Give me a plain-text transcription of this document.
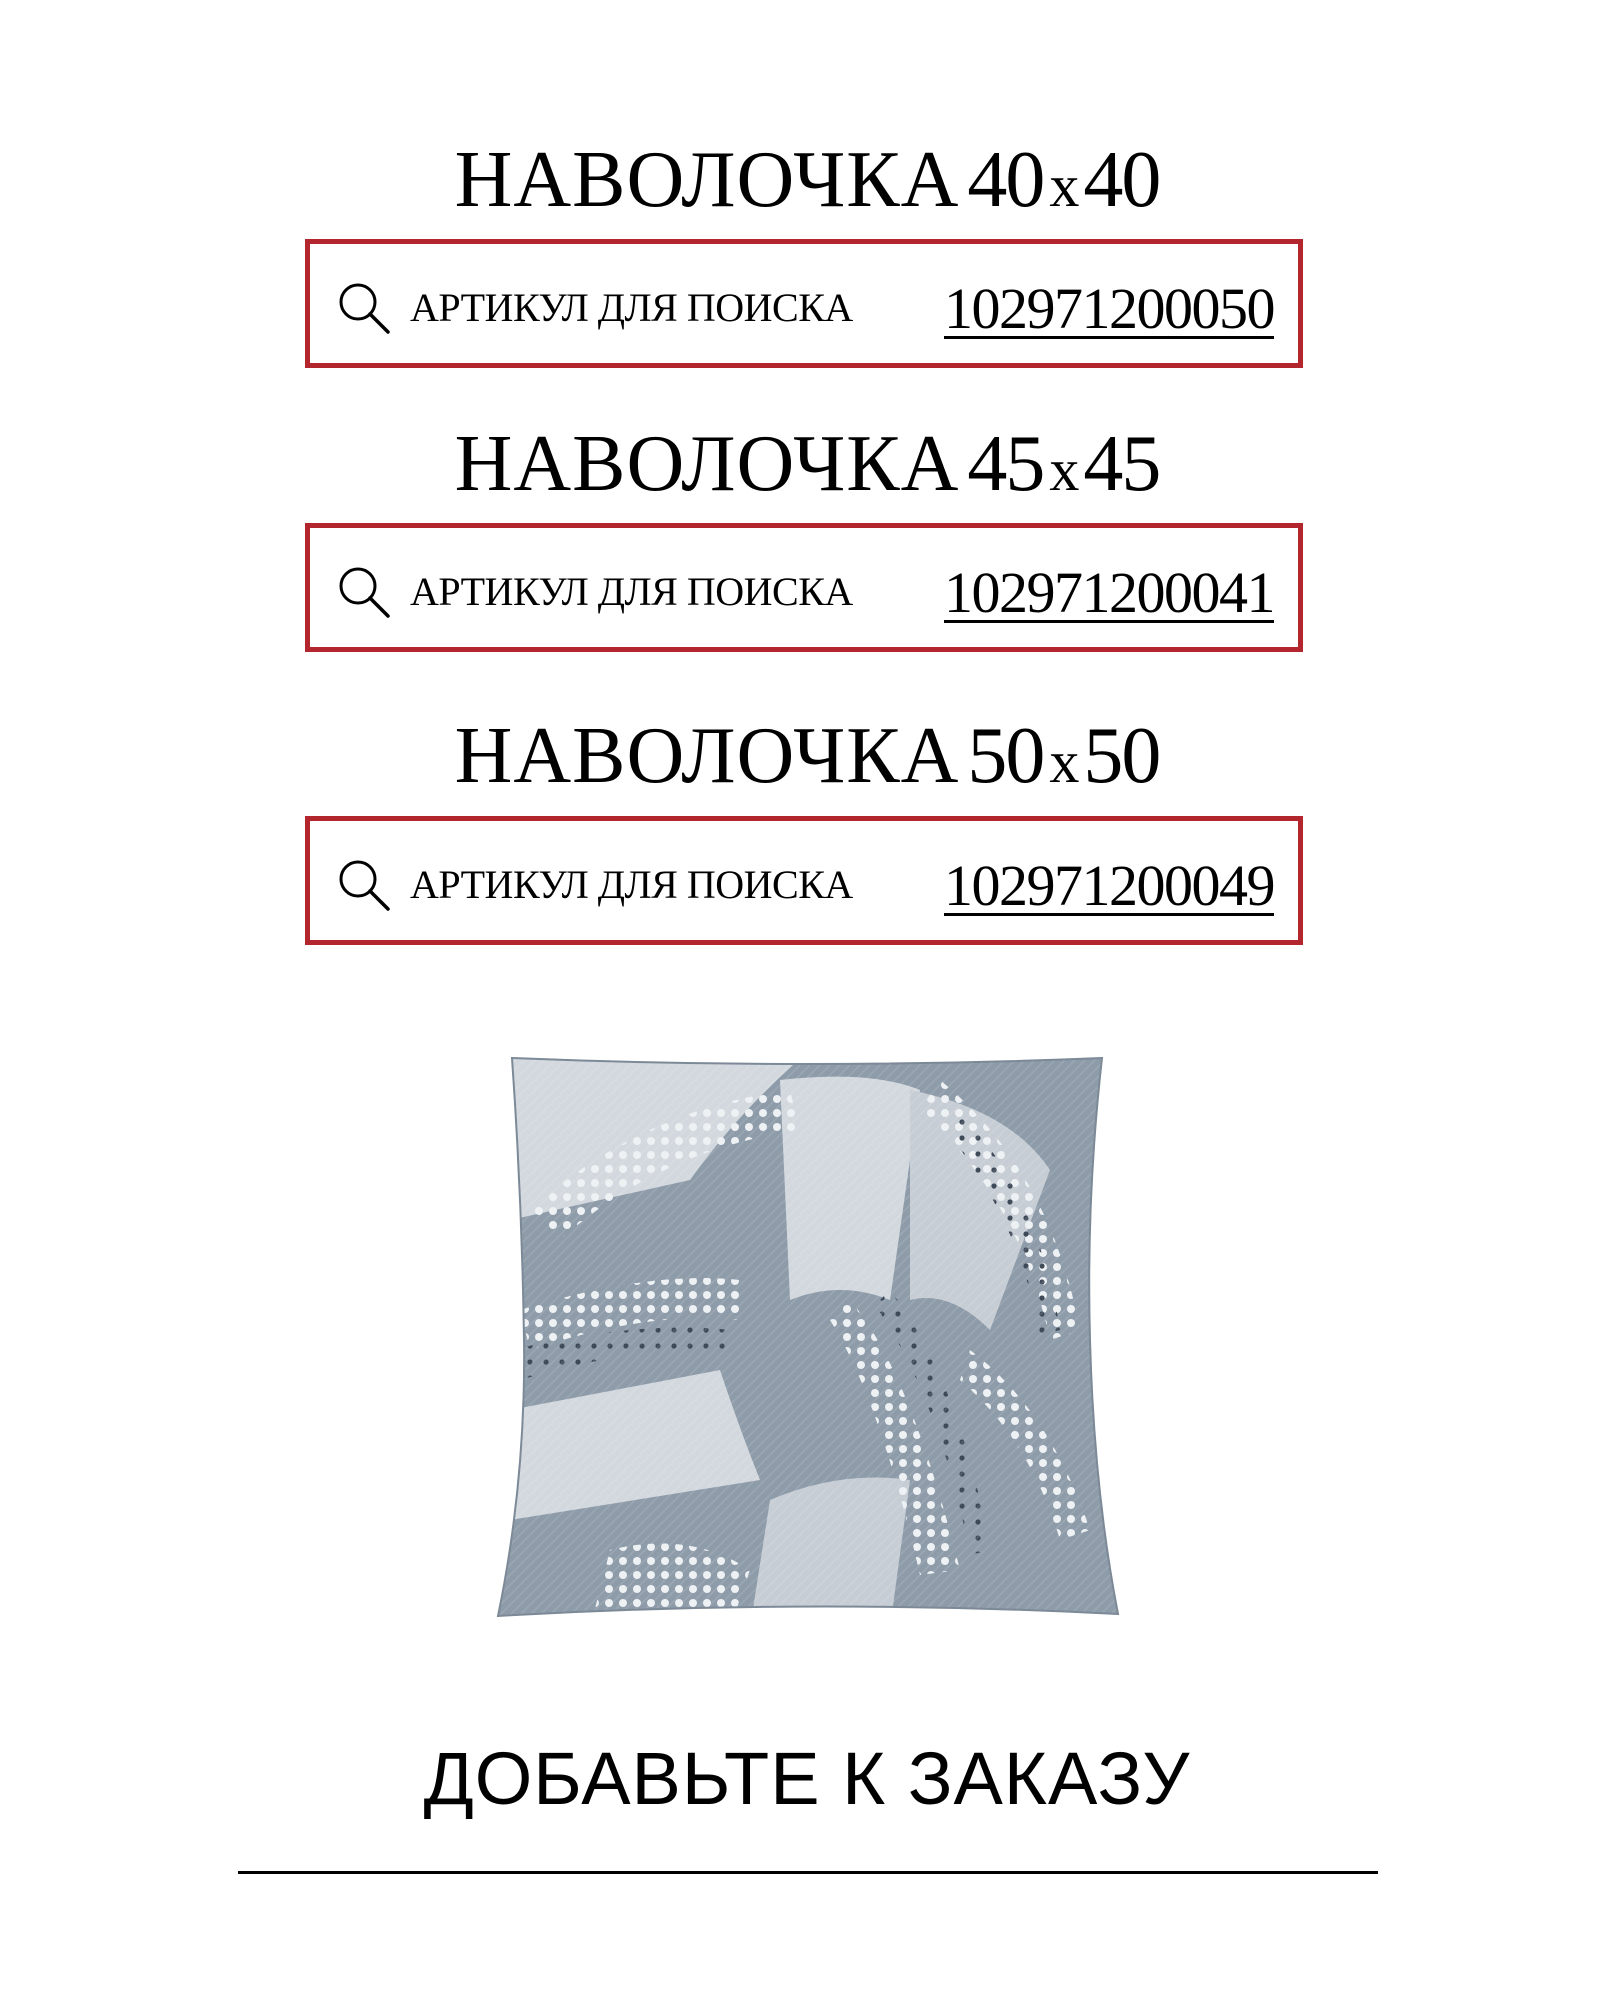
НАВОЛОЧКА 40 x40
АРТИКУЛ ДЛЯ ПОИСКА 102971200050
НАВОЛОЧКА 45 x45
АРТИКУЛ ДЛЯ ПОИСКА 102971200041
НАВОЛОЧКА 50 x50
АРТИКУЛ ДЛЯ ПОИСКА 102971200049
ДОБАВЬТЕ К ЗАКАЗУ
